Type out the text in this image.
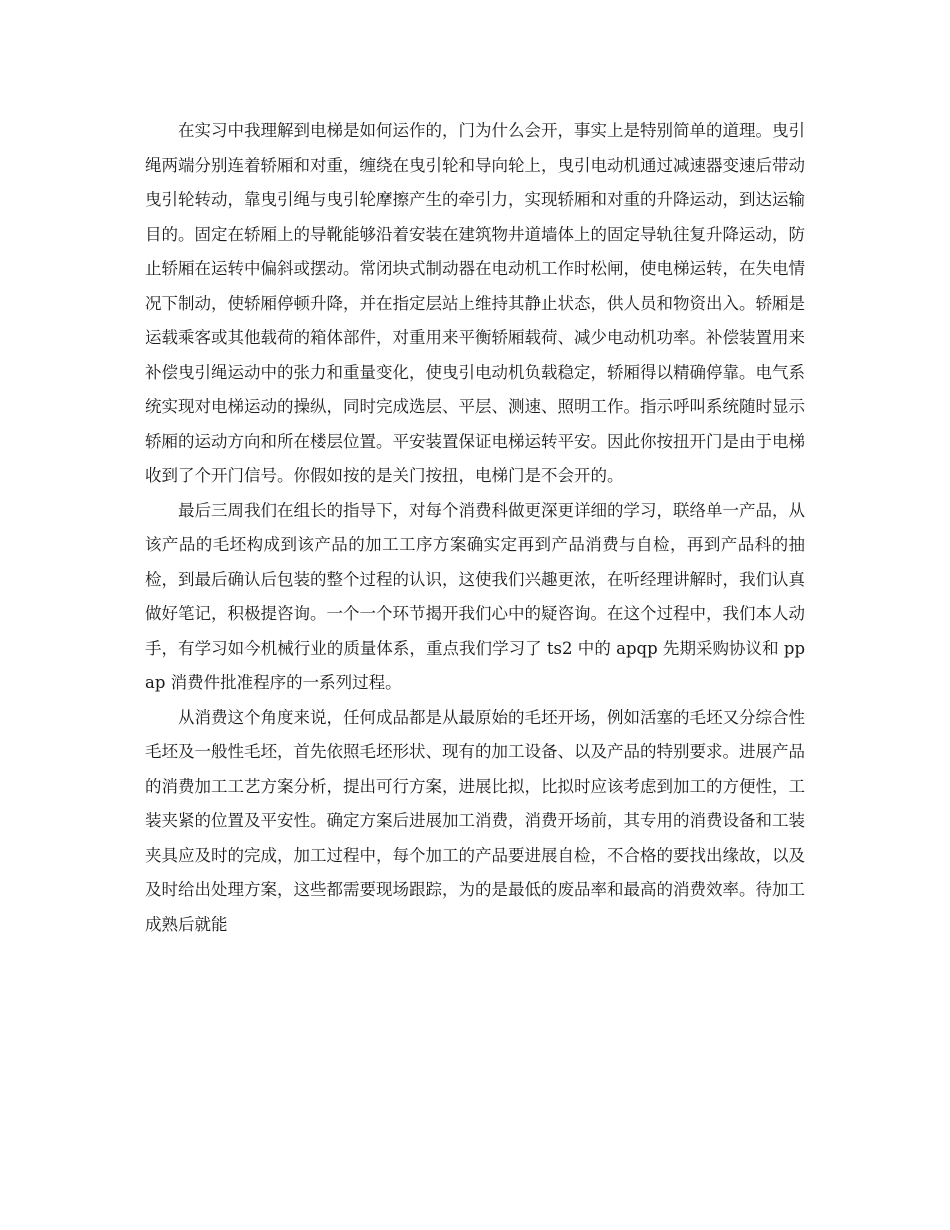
在实习中我理解到电梯是如何运作的，门为什么会开，事实上是特别简单的道理。曳引绳两端分别连着轿厢和对重，缠绕在曳引轮和导向轮上，曳引电动机通过减速器变速后带动曳引轮转动，靠曳引绳与曳引轮摩擦产生的牵引力，实现轿厢和对重的升降运动，到达运输目的。固定在轿厢上的导靴能够沿着安装在建筑物井道墙体上的固定导轨往复升降运动，防止轿厢在运转中偏斜或摆动。常闭块式制动器在电动机工作时松闸，使电梯运转，在失电情况下制动，使轿厢停顿升降，并在指定层站上维持其静止状态，供人员和物资出入。轿厢是运载乘客或其他载荷的箱体部件，对重用来平衡轿厢载荷、减少电动机功率。补偿装置用来补偿曳引绳运动中的张力和重量变化，使曳引电动机负载稳定，轿厢得以精确停靠。电气系统实现对电梯运动的操纵，同时完成选层、平层、测速、照明工作。指示呼叫系统随时显示轿厢的运动方向和所在楼层位置。平安装置保证电梯运转平安。因此你按扭开门是由于电梯收到了个开门信号。你假如按的是关门按扭，电梯门是不会开的。

最后三周我们在组长的指导下，对每个消费科做更深更详细的学习，联络单一产品，从该产品的毛坯构成到该产品的加工工序方案确实定再到产品消费与自检，再到产品科的抽检，到最后确认后包装的整个过程的认识，这使我们兴趣更浓，在听经理讲解时，我们认真做好笔记，积极提咨询。一个一个环节揭开我们心中的疑咨询。在这个过程中，我们本人动手，有学习如今机械行业的质量体系，重点我们学习了 ts2 中的 apqp 先期采购协议和 ppap 消费件批准程序的一系列过程。

从消费这个角度来说，任何成品都是从最原始的毛坯开场，例如活塞的毛坯又分综合性毛坯及一般性毛坯，首先依照毛坯形状、现有的加工设备、以及产品的特别要求。进展产品的消费加工工艺方案分析，提出可行方案，进展比拟，比拟时应该考虑到加工的方便性，工装夹紧的位置及平安性。确定方案后进展加工消费，消费开场前，其专用的消费设备和工装夹具应及时的完成，加工过程中，每个加工的产品要进展自检，不合格的要找出缘故，以及及时给出处理方案，这些都需要现场跟踪，为的是最低的废品率和最高的消费效率。待加工成熟后就能
